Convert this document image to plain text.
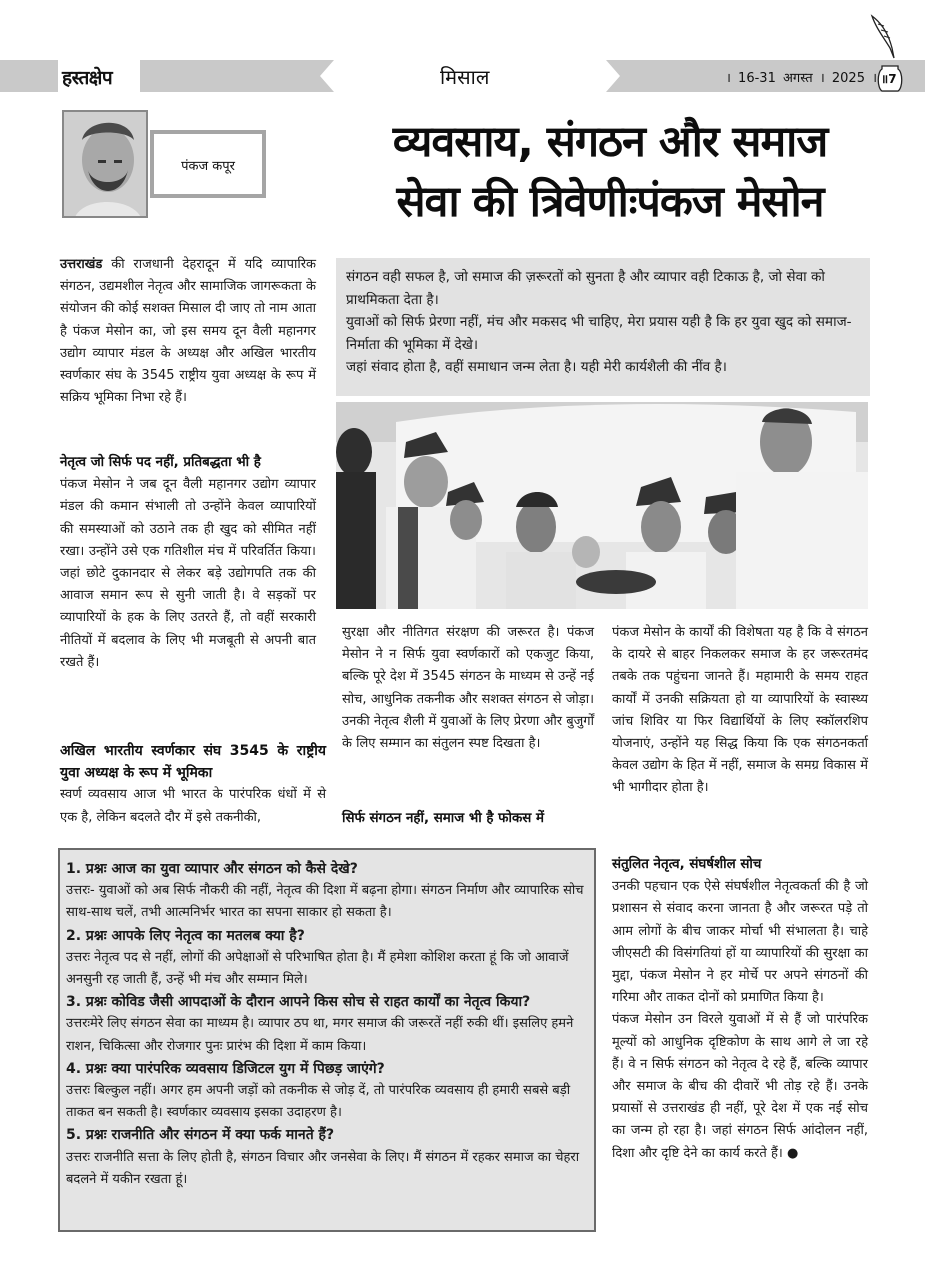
हस्तक्षेप	मिसाल	। 16-31 अगस्त । 2025 । ॥7
पंकज कपूर	व्यवसाय, संगठन और समाज
सेवा की त्रिवेणीःपंकज मेसोन

संगठन वही सफल है, जो समाज की ज़रूरतों को सुनता है और व्यापार वही टिकाऊ है, जो सेवा को प्राथमिकता देता है।

युवाओं को सिर्फ प्रेरणा नहीं, मंच और मकसद भी चाहिए, मेरा प्रयास यही है कि हर युवा खुद को समाज-निर्माता की भूमिका में देखे।

जहां संवाद होता है, वहीं समाधान जन्म लेता है। यही मेरी कार्यशैली की नींव है।

उत्तराखंड की राजधानी देहरादून में यदि व्यापारिक संगठन, उद्यमशील नेतृत्व और सामाजिक जागरूकता के संयोजन की कोई सशक्त मिसाल दी जाए तो नाम आता है पंकज मेसोन का, जो इस समय दून वैली महानगर उद्योग व्यापार मंडल के अध्यक्ष और अखिल भारतीय स्वर्णकार संघ के 3545 राष्ट्रीय युवा अध्यक्ष के रूप में सक्रिय भूमिका निभा रहे हैं।

नेतृत्व जो सिर्फ पद नहीं, प्रतिबद्धता भी है

पंकज मेसोन ने जब दून वैली महानगर उद्योग व्यापार मंडल की कमान संभाली तो उन्होंने केवल व्यापारियों की समस्याओं को उठाने तक ही खुद को सीमित नहीं रखा। उन्होंने उसे एक गतिशील मंच में परिवर्तित किया। जहां छोटे दुकानदार से लेकर बड़े उद्योगपति तक की आवाज समान रूप से सुनी जाती है। वे सड़कों पर व्यापारियों के हक के लिए उतरते हैं, तो वहीं सरकारी नीतियों में बदलाव के लिए भी मजबूती से अपनी बात रखते हैं।

अखिल भारतीय स्वर्णकार संघ 3545 के राष्ट्रीय युवा अध्यक्ष के रूप में भूमिका

स्वर्ण व्यवसाय आज भी भारत के पारंपरिक धंधों में से एक है, लेकिन बदलते दौर में इसे तकनीकी,

सुरक्षा और नीतिगत संरक्षण की जरूरत है। पंकज मेसोन ने न सिर्फ युवा स्वर्णकारों को एकजुट किया, बल्कि पूरे देश में 3545 संगठन के माध्यम से उन्हें नई सोच, आधुनिक तकनीक और सशक्त संगठन से जोड़ा। उनकी नेतृत्व शैली में युवाओं के लिए प्रेरणा और बुजुर्गों के लिए सम्मान का संतुलन स्पष्ट दिखता है।

सिर्फ संगठन नहीं, समाज भी है फोकस में

पंकज मेसोन के कार्यों की विशेषता यह है कि वे संगठन के दायरे से बाहर निकलकर समाज के हर जरूरतमंद तबके तक पहुंचना जानते हैं। महामारी के समय राहत कार्यों में उनकी सक्रियता हो या व्यापारियों के स्वास्थ्य जांच शिविर या फिर विद्यार्थियों के लिए स्कॉलरशिप योजनाएं, उन्होंने यह सिद्ध किया कि एक संगठनकर्ता केवल उद्योग के हित में नहीं, समाज के समग्र विकास में भी भागीदार होता है।

संतुलित नेतृत्व, संघर्षशील सोच

उनकी पहचान एक ऐसे संघर्षशील नेतृत्वकर्ता की है जो प्रशासन से संवाद करना जानता है और जरूरत पड़े तो आम लोगों के बीच जाकर मोर्चा भी संभालता है। चाहे जीएसटी की विसंगतियां हों या व्यापारियों की सुरक्षा का मुद्दा, पंकज मेसोन ने हर मोर्चे पर अपने संगठनों की गरिमा और ताकत दोनों को प्रमाणित किया है।

पंकज मेसोन उन विरले युवाओं में से हैं जो पारंपरिक मूल्यों को आधुनिक दृष्टिकोण के साथ आगे ले जा रहे हैं। वे न सिर्फ संगठन को नेतृत्व दे रहे हैं, बल्कि व्यापार और समाज के बीच की दीवारें भी तोड़ रहे हैं। उनके प्रयासों से उत्तराखंड ही नहीं, पूरे देश में एक नई सोच का जन्म हो रहा है। जहां संगठन सिर्फ आंदोलन नहीं, दिशा और दृष्टि देने का कार्य करते हैं। ●

1. प्रश्नः आज का युवा व्यापार और संगठन को कैसे देखे?

उत्तरः- युवाओं को अब सिर्फ नौकरी की नहीं, नेतृत्व की दिशा में बढ़ना होगा। संगठन निर्माण और व्यापारिक सोच साथ-साथ चलें, तभी आत्मनिर्भर भारत का सपना साकार हो सकता है।

2. प्रश्नः आपके लिए नेतृत्व का मतलब क्या है?

उत्तरः नेतृत्व पद से नहीं, लोगों की अपेक्षाओं से परिभाषित होता है। मैं हमेशा कोशिश करता हूं कि जो आवाजें अनसुनी रह जाती हैं, उन्हें भी मंच और सम्मान मिले।

3. प्रश्नः कोविड जैसी आपदाओं के दौरान आपने किस सोच से राहत कार्यों का नेतृत्व किया?

उत्तरःमेरे लिए संगठन सेवा का माध्यम है। व्यापार ठप था, मगर समाज की जरूरतें नहीं रुकी थीं। इसलिए हमने राशन, चिकित्सा और रोजगार पुनः प्रारंभ की दिशा में काम किया।

4. प्रश्नः क्या पारंपरिक व्यवसाय डिजिटल युग में पिछड़ जाएंगे?

उत्तरः बिल्कुल नहीं। अगर हम अपनी जड़ों को तकनीक से जोड़ दें, तो पारंपरिक व्यवसाय ही हमारी सबसे बड़ी ताकत बन सकती है। स्वर्णकार व्यवसाय इसका उदाहरण है।

5. प्रश्नः राजनीति और संगठन में क्या फर्क मानते हैं?

उत्तरः राजनीति सत्ता के लिए होती है, संगठन विचार और जनसेवा के लिए। मैं संगठन में रहकर समाज का चेहरा बदलने में यकीन रखता हूं।
